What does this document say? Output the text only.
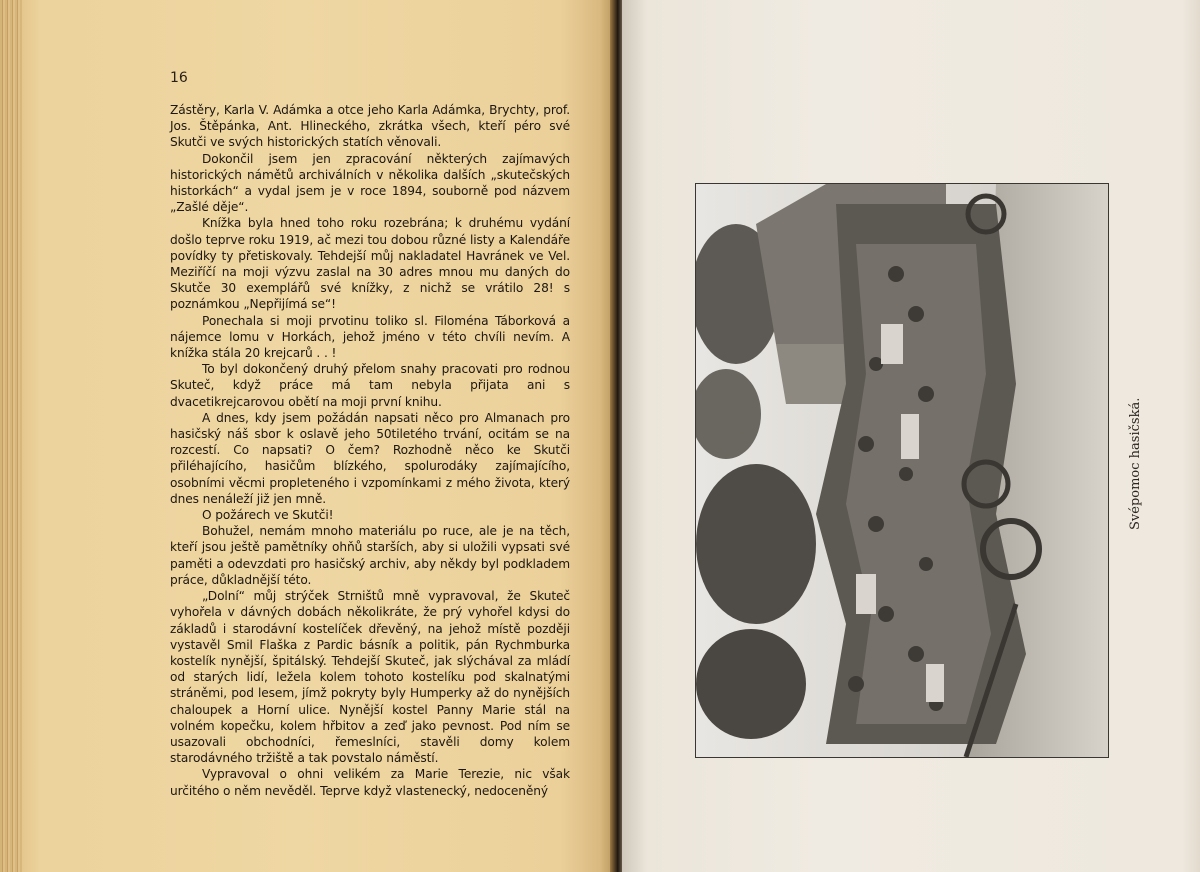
16

Zástěry, Karla V. Adámka a otce jeho Karla Adámka, Brychty, prof. Jos. Štěpánka, Ant. Hlineckého, zkrátka všech, kteří péro své Skutči ve svých historických statích věnovali.

Dokončil jsem jen zpracování některých zajímavých historických námětů archiválních v několika dalších „skutečských historkách“ a vydal jsem je v roce 1894, souborně pod názvem „Zašlé děje“.

Knížka byla hned toho roku rozebrána; k druhému vydání došlo teprve roku 1919, ač mezi tou dobou různé listy a Kalendáře povídky ty přetiskovaly. Tehdejší můj nakladatel Havránek ve Vel. Meziříčí na moji výzvu zaslal na 30 adres mnou mu daných do Skutče 30 exemplářů své knížky, z nichž se vrátilo 28! s poznámkou „Nepřijímá se“!

Ponechala si moji prvotinu toliko sl. Filoména Táborková a nájemce lomu v Horkách, jehož jméno v této chvíli nevím. A knížka stála 20 krejcarů . . !

To byl dokončený druhý přelom snahy pracovati pro rodnou Skuteč, když práce má tam nebyla přijata ani s dvacetikrejcarovou obětí na moji první knihu.

A dnes, kdy jsem požádán napsati něco pro Almanach pro hasičský náš sbor k oslavě jeho 50tiletého trvání, ocitám se na rozcestí. Co napsati? O čem? Rozhodně něco ke Skutči přiléhajícího, hasičům blízkého, spolurodáky zajímajícího, osobními věcmi propleteného i vzpomínkami z mého života, který dnes nenáleží již jen mně.

O požárech ve Skutči!

Bohužel, nemám mnoho materiálu po ruce, ale je na těch, kteří jsou ještě pamětníky ohňů starších, aby si uložili vypsati své paměti a odevzdati pro hasičský archiv, aby někdy byl podkladem práce, důkladnější této.

„Dolní“ můj strýček Strništů mně vypravoval, že Skuteč vyhořela v dávných dobách několikráte, že prý vyhořel kdysi do základů i starodávní kostelíček dřevěný, na jehož místě později vystavěl Smil Flaška z Pardic básník a politik, pán Rychmburka kostelík nynější, špitálský. Tehdejší Skuteč, jak slýchával za mládí od starých lidí, ležela kolem tohoto kostelíku pod skalnatými stráněmi, pod lesem, jímž pokryty byly Humperky až do nynějších chaloupek a Horní ulice. Nynější kostel Panny Marie stál na volném kopečku, kolem hřbitov a zeď jako pevnost. Pod ním se usazovali obchodníci, řemeslníci, stavěli domy kolem starodávného tržiště a tak povstalo náměstí.

Vypravoval o ohni velikém za Marie Terezie, nic však určitého o něm nevěděl. Teprve když vlastenecký, nedoceněný

Svépomoc hasičská.
